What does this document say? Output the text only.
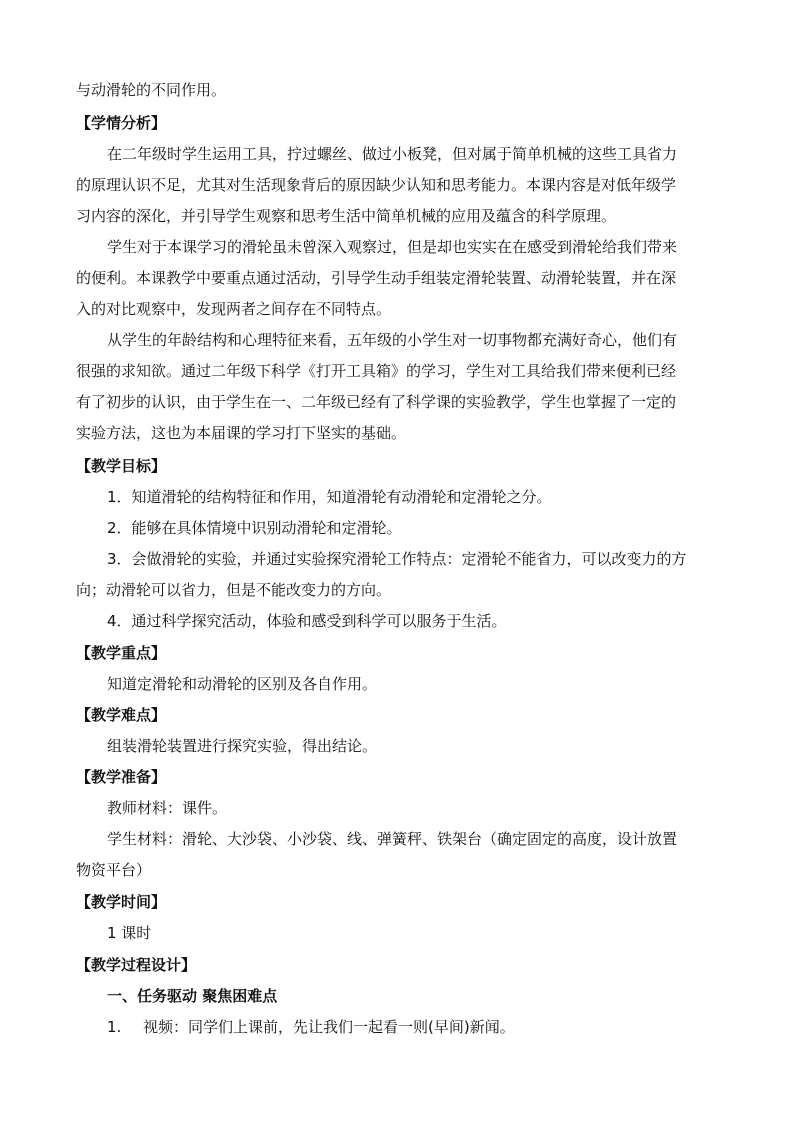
与动滑轮的不同作用。
【学情分析】
在二年级时学生运用工具，拧过螺丝、做过小板凳，但对属于简单机械的这些工具省力
的原理认识不足，尤其对生活现象背后的原因缺少认知和思考能力。本课内容是对低年级学
习内容的深化，并引导学生观察和思考生活中简单机械的应用及蕴含的科学原理。
学生对于本课学习的滑轮虽未曾深入观察过，但是却也实实在在感受到滑轮给我们带来
的便利。本课教学中要重点通过活动，引导学生动手组装定滑轮装置、动滑轮装置，并在深
入的对比观察中，发现两者之间存在不同特点。
从学生的年龄结构和心理特征来看，五年级的小学生对一切事物都充满好奇心，他们有
很强的求知欲。通过二年级下科学《打开工具箱》的学习，学生对工具给我们带来便利已经
有了初步的认识，由于学生在一、二年级已经有了科学课的实验教学，学生也掌握了一定的
实验方法，这也为本届课的学习打下坚实的基础。
【教学目标】
1．知道滑轮的结构特征和作用，知道滑轮有动滑轮和定滑轮之分。
2．能够在具体情境中识别动滑轮和定滑轮。
3．会做滑轮的实验，并通过实验探究滑轮工作特点：定滑轮不能省力，可以改变力的方
向；动滑轮可以省力，但是不能改变力的方向。
4．通过科学探究活动，体验和感受到科学可以服务于生活。
【教学重点】
知道定滑轮和动滑轮的区别及各自作用。
【教学难点】
组装滑轮装置进行探究实验，得出结论。
【教学准备】
教师材料：课件。
学生材料：滑轮、大沙袋、小沙袋、线、弹簧秤、铁架台（确定固定的高度，设计放置
物资平台）
【教学时间】
1 课时
【教学过程设计】
一、任务驱动 聚焦困难点
1. 视频：同学们上课前，先让我们一起看一则(早间)新闻。
